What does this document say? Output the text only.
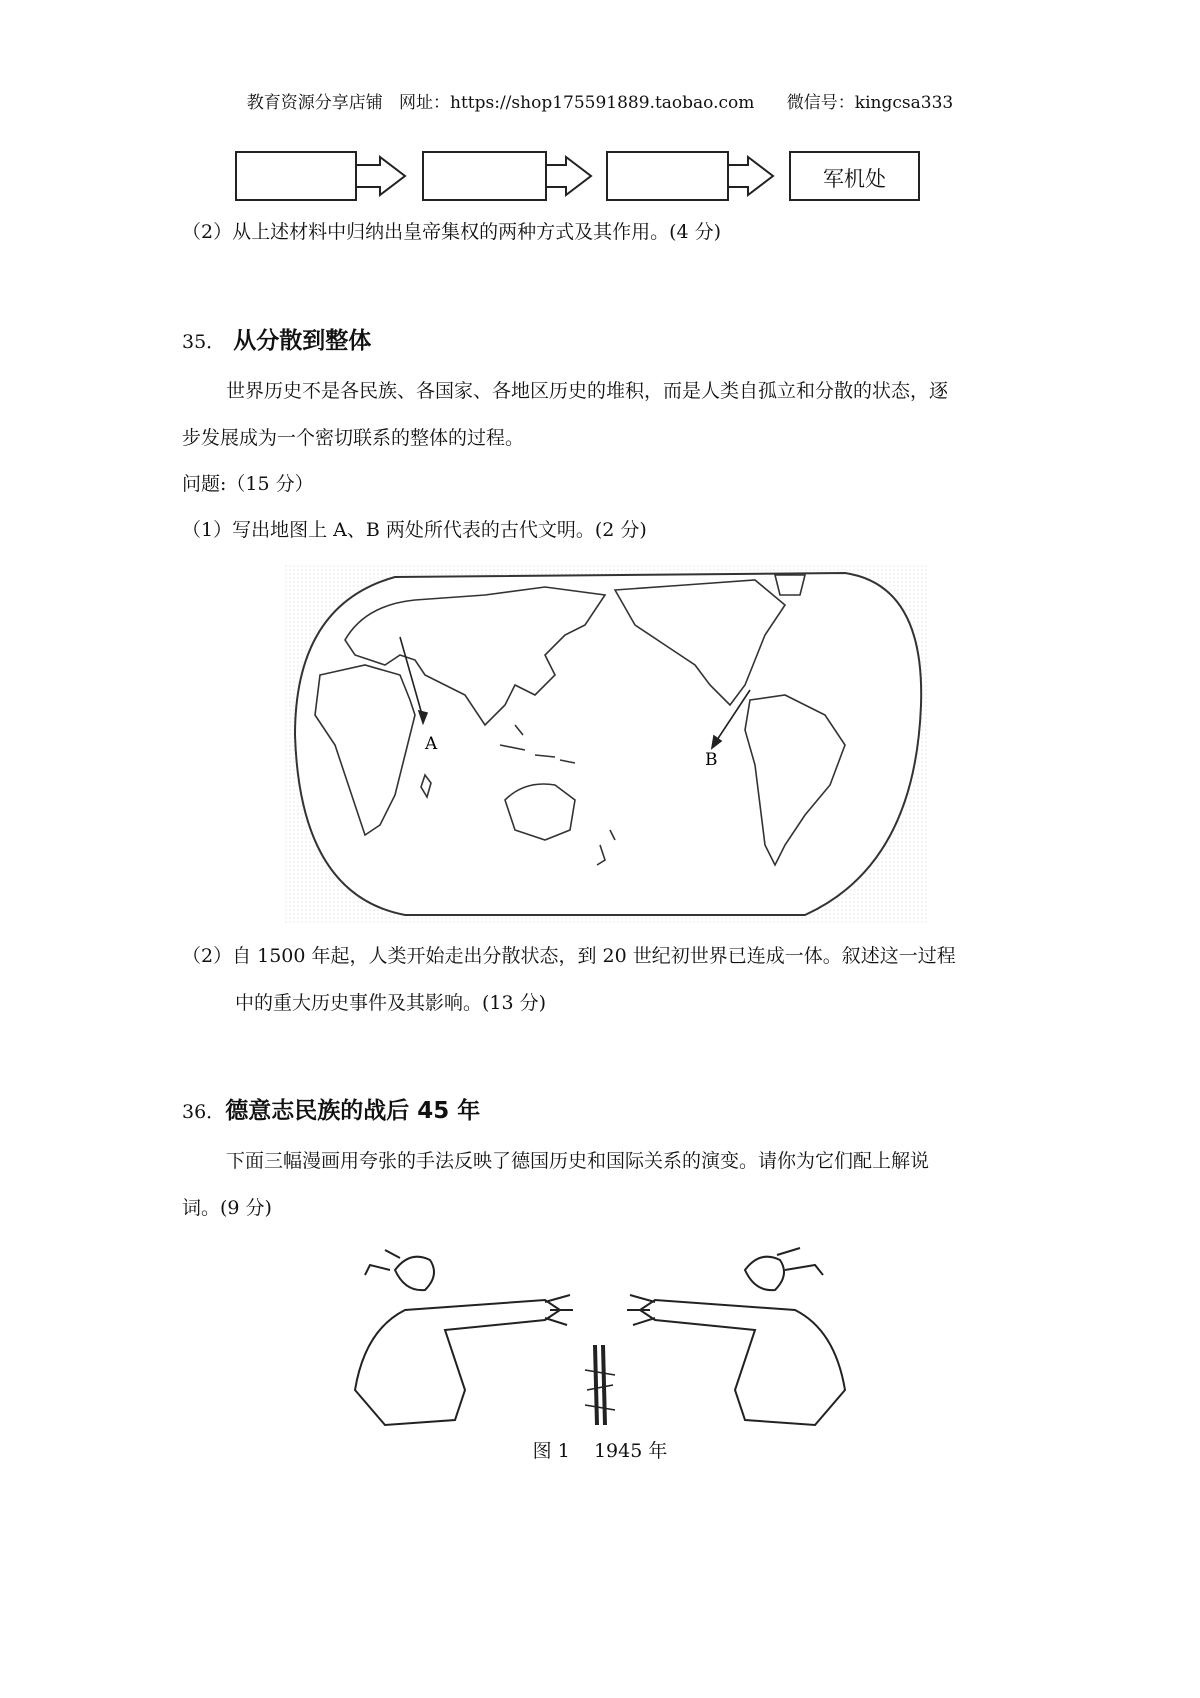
教育资源分享店铺   网址：https://shop175591889.taobao.com      微信号：kingcsa333
军机处
（2）从上述材料中归纳出皇帝集权的两种方式及其作用。(4 分)
35． 从分散到整体
世界历史不是各民族、各国家、各地区历史的堆积，而是人类自孤立和分散的状态，逐
步发展成为一个密切联系的整体的过程。
问题:（15 分）
（1）写出地图上 A、B 两处所代表的古代文明。(2 分)
A
B
（2）自 1500 年起，人类开始走出分散状态，到 20 世纪初世界已连成一体。叙述这一过程
中的重大历史事件及其影响。(13 分)
36．德意志民族的战后 45 年
下面三幅漫画用夸张的手法反映了德国历史和国际关系的演变。请你为它们配上解说
词。(9 分)
图 1    1945 年
